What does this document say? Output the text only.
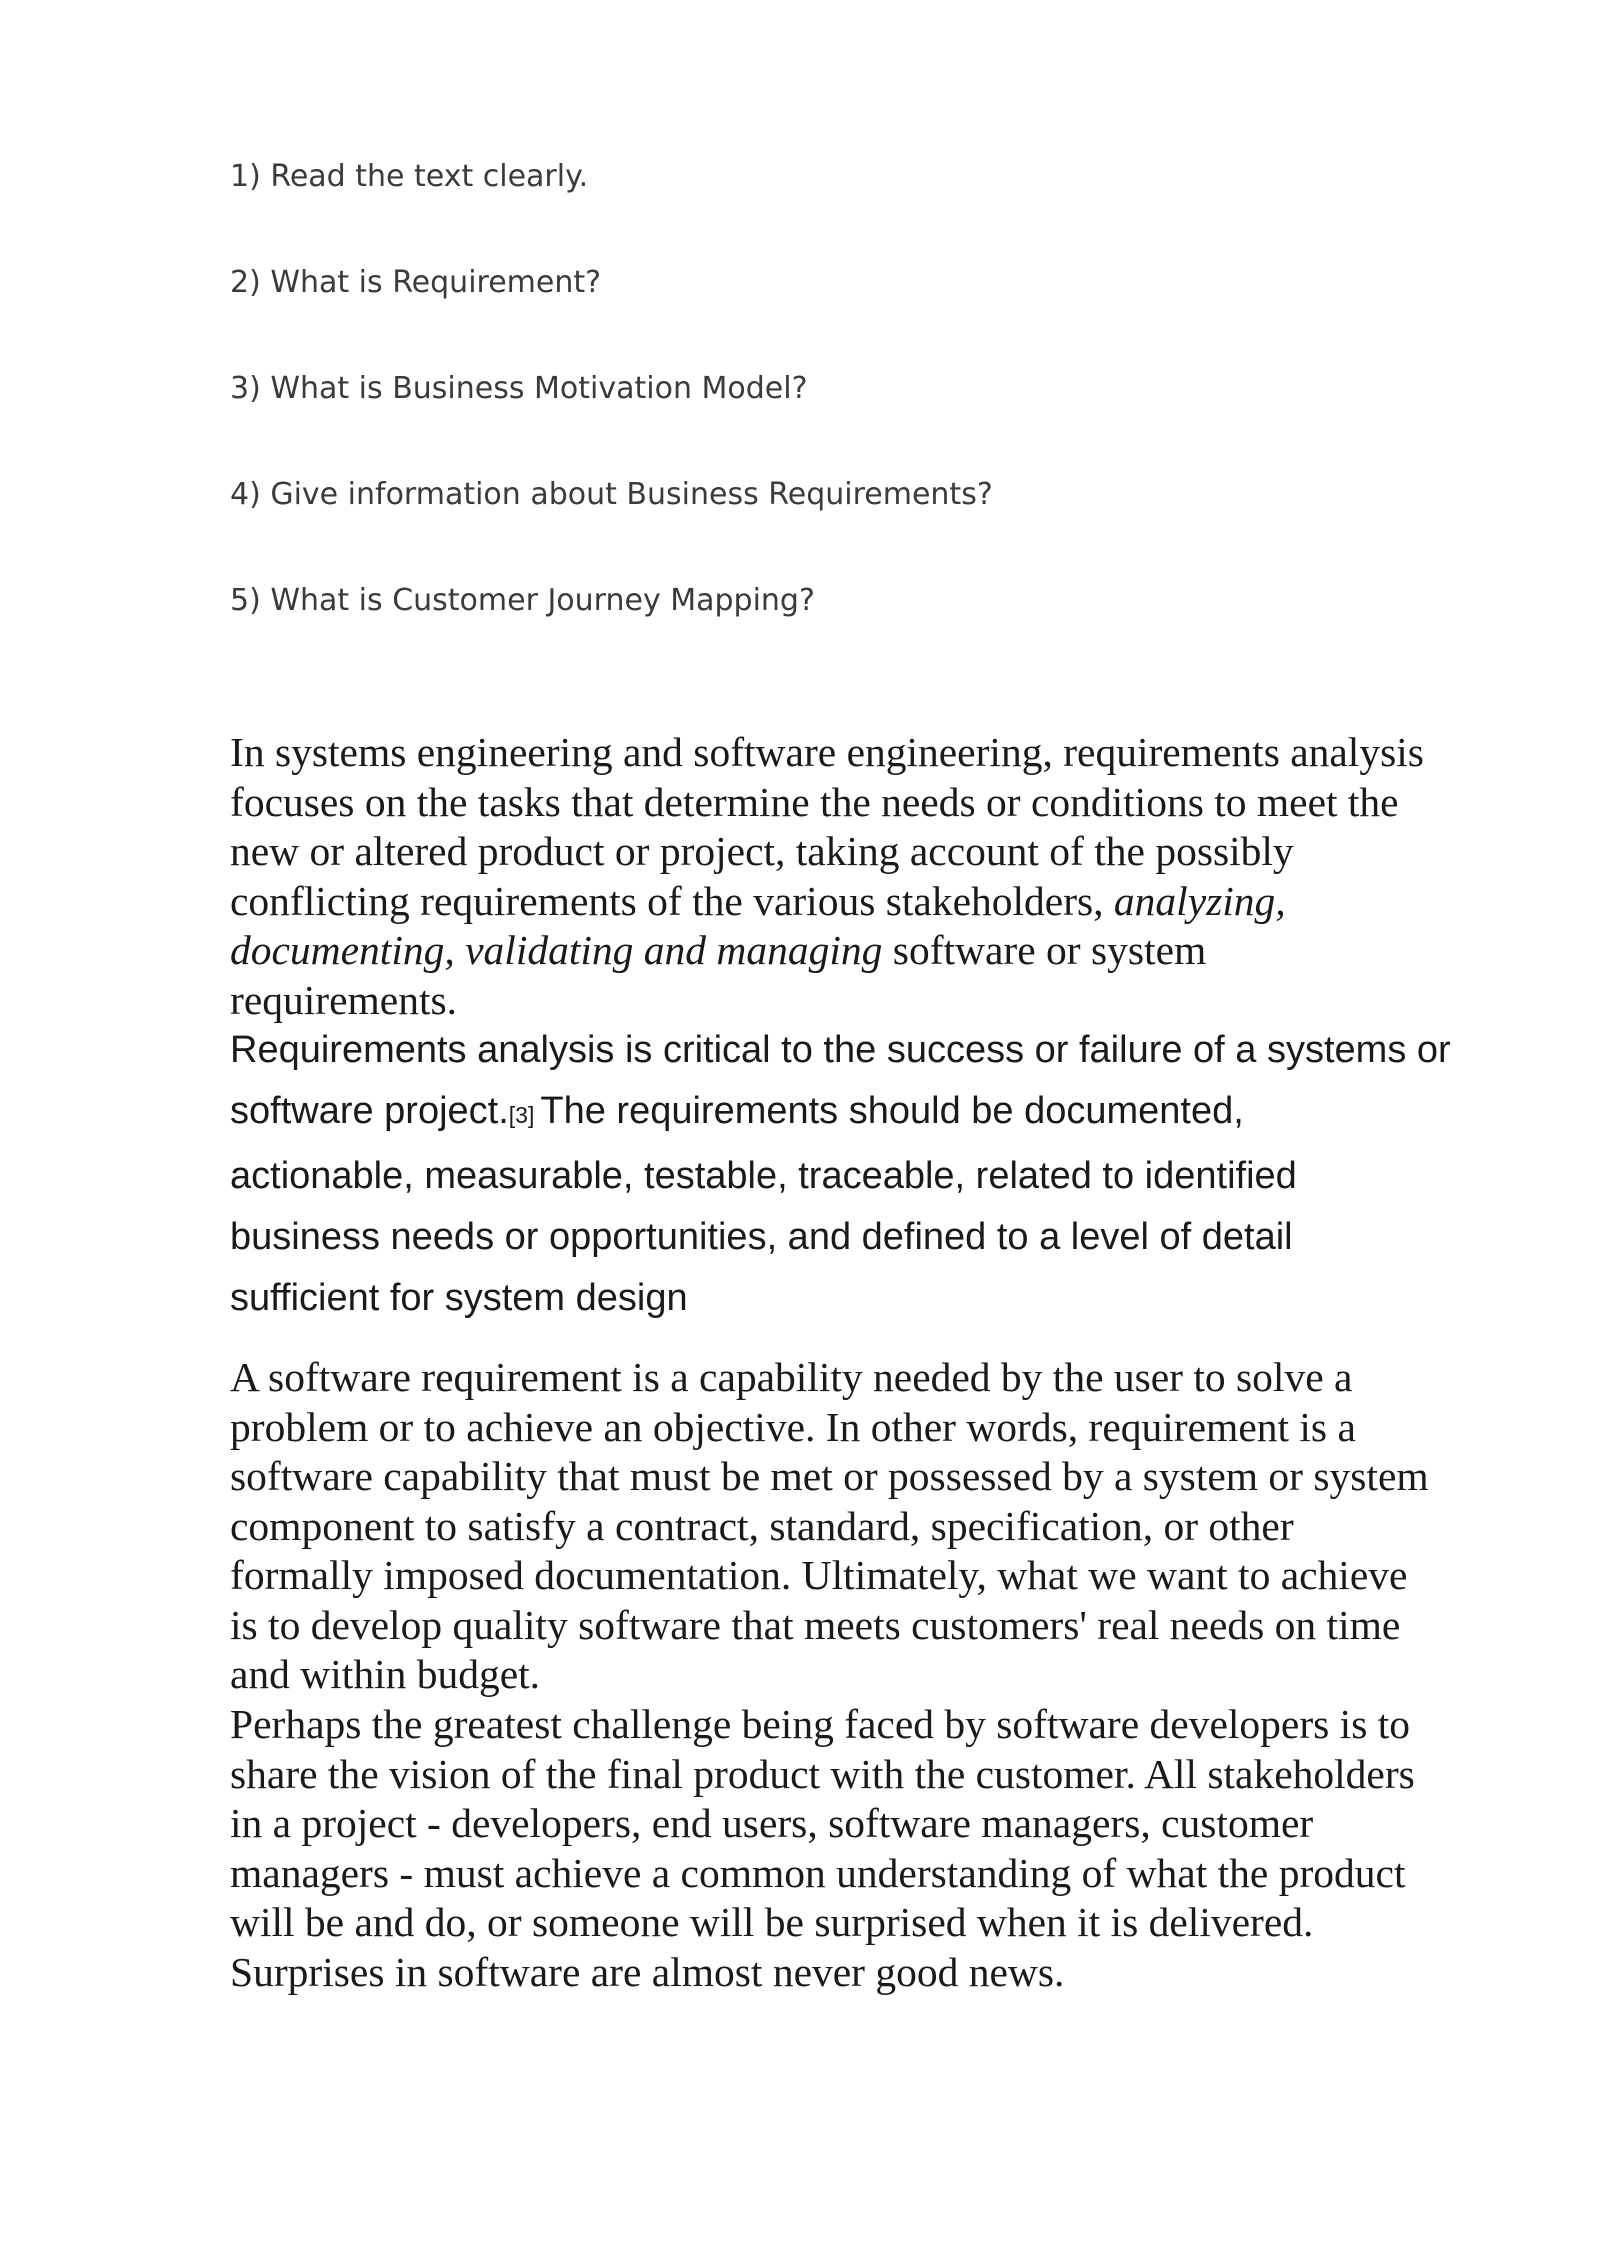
1) Read the text clearly.
2) What is Requirement?
3) What is Business Motivation Model?
4) Give information about Business Requirements?
5) What is Customer Journey Mapping?

In systems engineering and software engineering, requirements analysis
focuses on the tasks that determine the needs or conditions to meet the
new or altered product or project, taking account of the possibly
conflicting requirements of the various stakeholders, analyzing,
documenting, validating and managing software or system
requirements.

Requirements analysis is critical to the success or failure of a systems or
software project.[3] The requirements should be documented,
actionable, measurable, testable, traceable, related to identified
business needs or opportunities, and defined to a level of detail
sufficient for system design

A software requirement is a capability needed by the user to solve a
problem or to achieve an objective. In other words, requirement is a
software capability that must be met or possessed by a system or system
component to satisfy a contract, standard, specification, or other
formally imposed documentation. Ultimately, what we want to achieve
is to develop quality software that meets customers' real needs on time
and within budget.

Perhaps the greatest challenge being faced by software developers is to
share the vision of the final product with the customer. All stakeholders
in a project - developers, end users, software managers, customer
managers - must achieve a common understanding of what the product
will be and do, or someone will be surprised when it is delivered.
Surprises in software are almost never good news.
